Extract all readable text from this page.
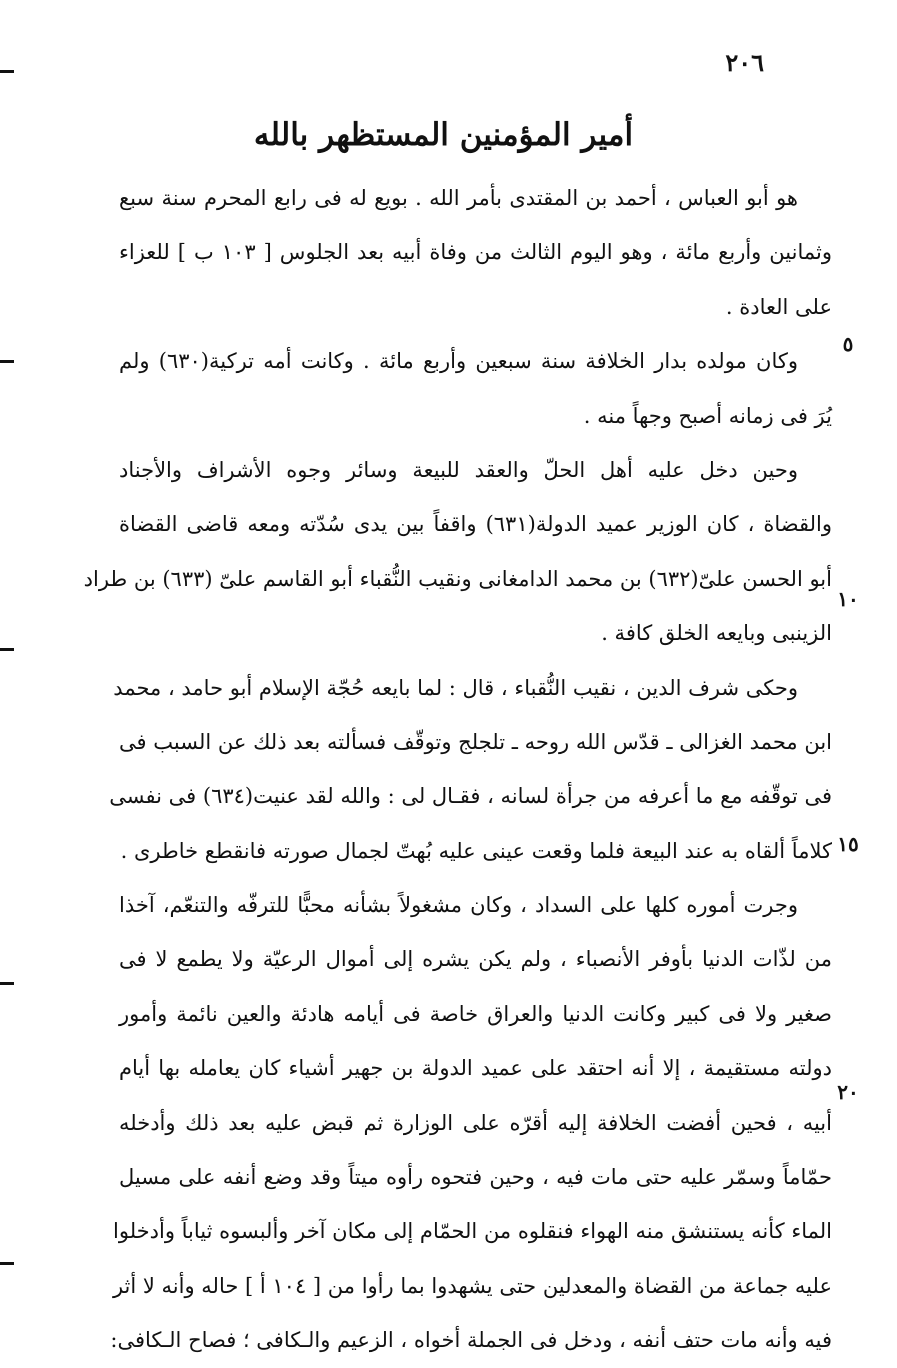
٢٠٦
أمير المؤمنين المستظهر بالله
٥
١٠
١٥
٢٠
هو أبو العباس ، أحمد بن المقتدى بأمر الله . بويع له فى رابع المحرم سنة سبع
وثمانين وأربع مائة ، وهو اليوم الثالث من وفاة أبيه بعد الجلوس [ ١٠٣ ب ] للعزاء
على العادة .
وكان مولده بدار الخلافة سنة سبعين وأربع مائة . وكانت أمه تركية(٦٣٠) ولم
يُرَ فى زمانه أصبح وجهاً منه .
وحين دخل عليه أهل الحلّ والعقد للبيعة وسائر وجوه الأشراف والأجناد
والقضاة ، كان الوزير عميد الدولة(٦٣١) واقفاً بين يدى سُدّته ومعه قاضى القضاة
أبو الحسن علىّ(٦٣٢) بن محمد الدامغانى ونقيب النُّقباء أبو القاسم علىّ (٦٣٣) بن طراد
الزينبى وبايعه الخلق كافة .
وحكى شرف الدين ، نقيب النُّقباء ، قال : لما بايعه حُجّة الإسلام أبو حامد ، محمد
ابن محمد الغزالى ـ قدّس الله روحه ـ تلجلج وتوقّف فسألته بعد ذلك عن السبب فى
فى توقّفه مع ما أعرفه من جرأة لسانه ، فقـال لى : والله لقد عنيت(٦٣٤) فى نفسى
كلاماً ألقاه به عند البيعة فلما وقعت عينى عليه بُهتّ لجمال صورته فانقطع خاطرى .
وجرت أموره كلها على السداد ، وكان مشغولاً بشأنه محبًّا للترفّه والتنعّم، آخذا
من لذّات الدنيا بأوفر الأنصباء ، ولم يكن يشره إلى أموال الرعيّة ولا يطمع لا فى
صغير ولا فى كبير وكانت الدنيا والعراق خاصة فى أيامه هادئة والعين نائمة وأمور
دولته مستقيمة ، إلا أنه احتقد على عميد الدولة بن جهير أشياء كان يعامله بها أيام
أبيه ، فحين أفضت الخلافة إليه أقرّه على الوزارة ثم قبض عليه بعد ذلك وأدخله
حمّاماً وسمّر عليه حتى مات فيه ، وحين فتحوه رأوه ميتاً وقد وضع أنفه على مسيل
الماء كأنه يستنشق منه الهواء فنقلوه من الحمّام إلى مكان آخر وألبسوه ثياباً وأدخلوا
عليه جماعة من القضاة والمعدلين حتى يشهدوا بما رأوا من [ ١٠٤ أ ] حاله وأنه لا أثر
فيه وأنه مات حتف أنفه ، ودخل فى الجملة أخواه ، الزعيم والـكافى ؛ فصاح الـكافى:
